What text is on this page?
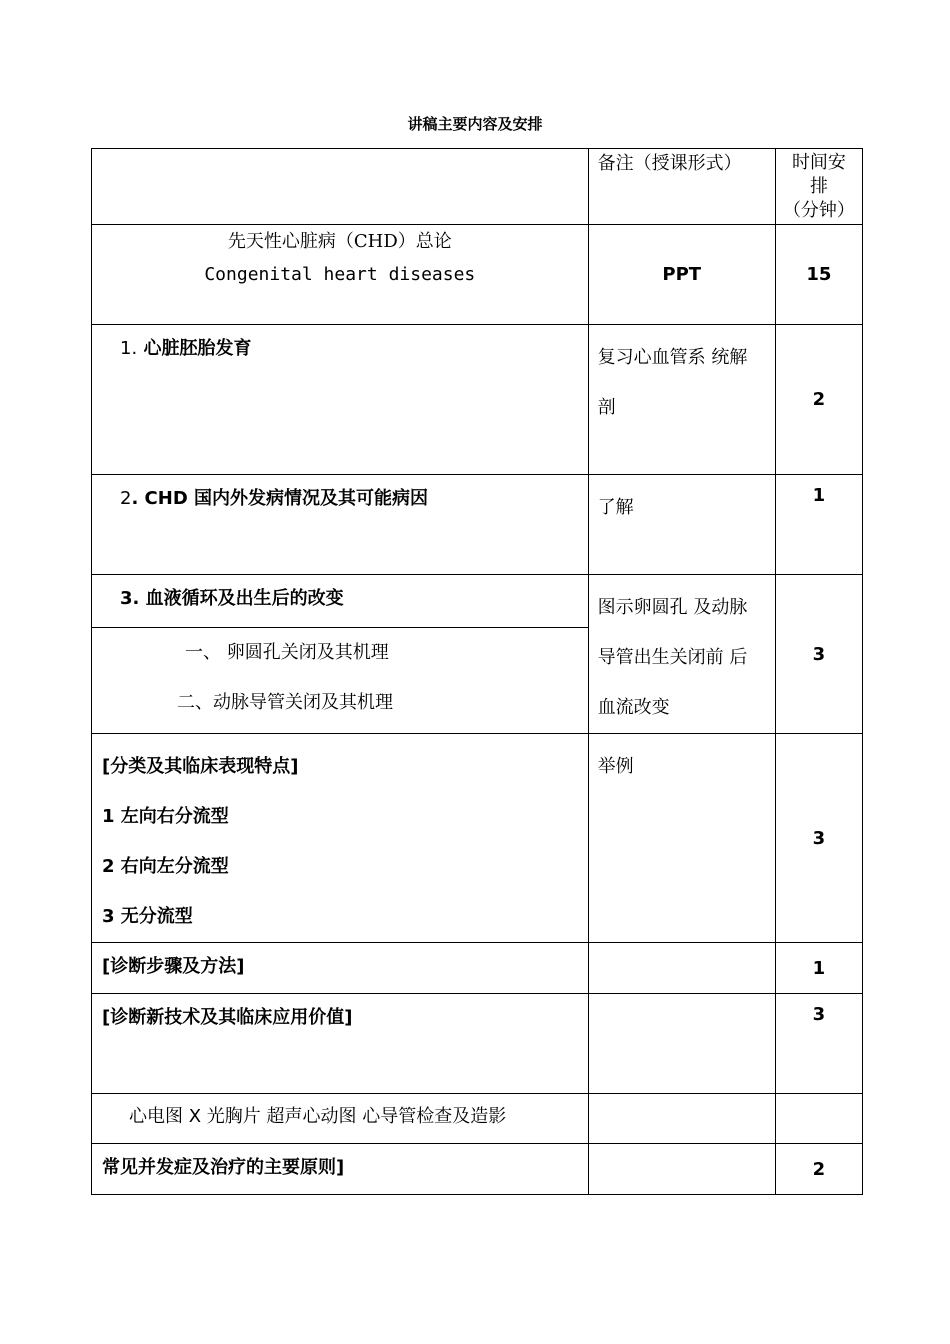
讲稿主要内容及安排
	备注（授课形式）	时间安
排
（分钟）

先天性心脏病（CHD）总论
Congenital heart diseases	PPT	15
1. 心脏胚胎发育	复习心血管系 统解
剖	2
2. CHD 国内外发病情况及其可能病因	了解	1
3. 血液循环及出生后的改变	图示卵圆孔 及动脉
导管出生关闭前 后
血流改变	3

一、 卵圆孔关闭及其机理
二、动脉导管关闭及其机理		

[分类及其临床表现特点]
1 左向右分流型
2 右向左分流型
3 无分流型	举例	3
[诊断步骤及方法]		1
[诊断新技术及其临床应用价值]		3
心电图 X 光胸片 超声心动图 心导管检查及造影		
常见并发症及治疗的主要原则]		2
